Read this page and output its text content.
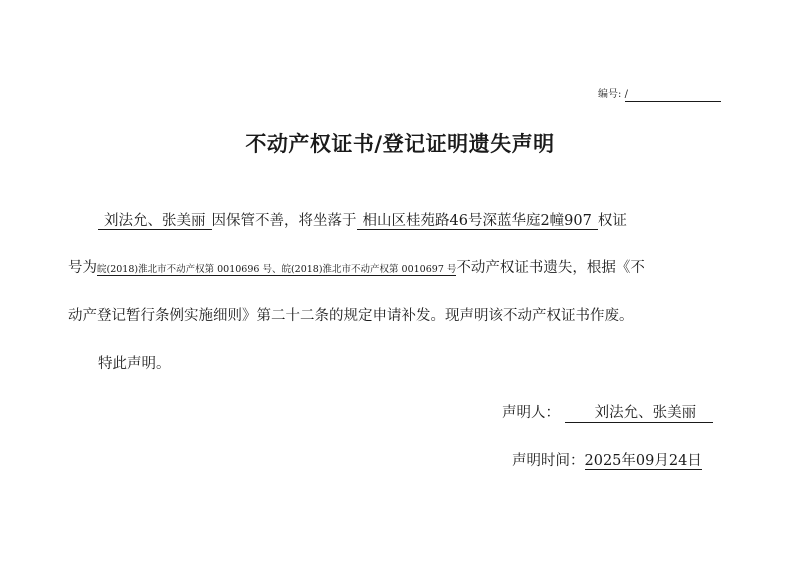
编号: /
不动产权证书/登记证明遗失声明
刘法允、张美丽 因保管不善，将坐落于 相山区桂苑路46号深蓝华庭2幢907 权证
号为皖(2018)淮北市不动产权第 0010696 号、皖(2018)淮北市不动产权第 0010697 号不动产权证书遗失，根据《不
动产登记暂行条例实施细则》第二十二条的规定申请补发。现声明该不动产权证书作废。
特此声明。
声明人： 刘法允、张美丽
声明时间：2025年09月24日
